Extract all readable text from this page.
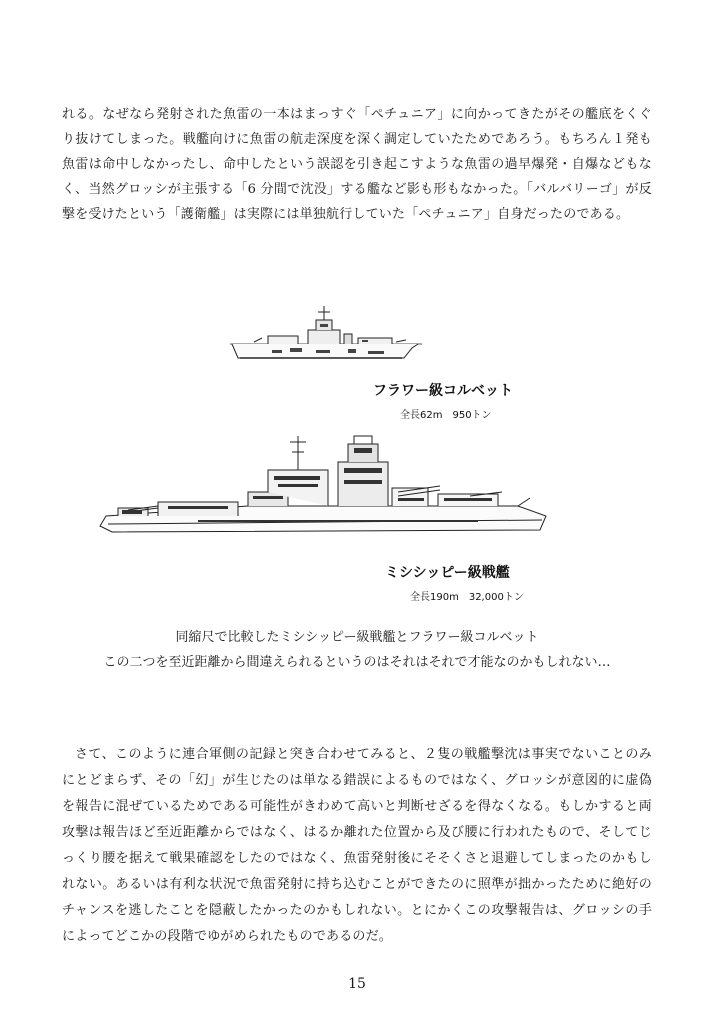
れる。なぜなら発射された魚雷の一本はまっすぐ「ペチュニア」に向かってきたがその艦底をくぐり抜けてしまった。戦艦向けに魚雷の航走深度を深く調定していたためであろう。もちろん１発も魚雷は命中しなかったし、命中したという誤認を引き起こすような魚雷の過早爆発・自爆などもなく、当然グロッシが主張する「6 分間で沈没」する艦など影も形もなかった。「バルバリーゴ」が反撃を受けたという「護衛艦」は実際には単独航行していた「ペチュニア」自身だったのである。
フラワー級コルベット
全長62m　950トン
ミシシッピー級戦艦
全長190m　32,000トン
同縮尺で比較したミシシッピー級戦艦とフラワー級コルベット
この二つを至近距離から間違えられるというのはそれはそれで才能なのかもしれない…
さて、このように連合軍側の記録と突き合わせてみると、２隻の戦艦撃沈は事実でないことのみにとどまらず、その「幻」が生じたのは単なる錯誤によるものではなく、グロッシが意図的に虚偽を報告に混ぜているためである可能性がきわめて高いと判断せざるを得なくなる。もしかすると両攻撃は報告ほど至近距離からではなく、はるか離れた位置から及び腰に行われたもので、そしてじっくり腰を据えて戦果確認をしたのではなく、魚雷発射後にそそくさと退避してしまったのかもしれない。あるいは有利な状況で魚雷発射に持ち込むことができたのに照準が拙かったために絶好のチャンスを逃したことを隠蔽したかったのかもしれない。とにかくこの攻撃報告は、グロッシの手によってどこかの段階でゆがめられたものであるのだ。
15
